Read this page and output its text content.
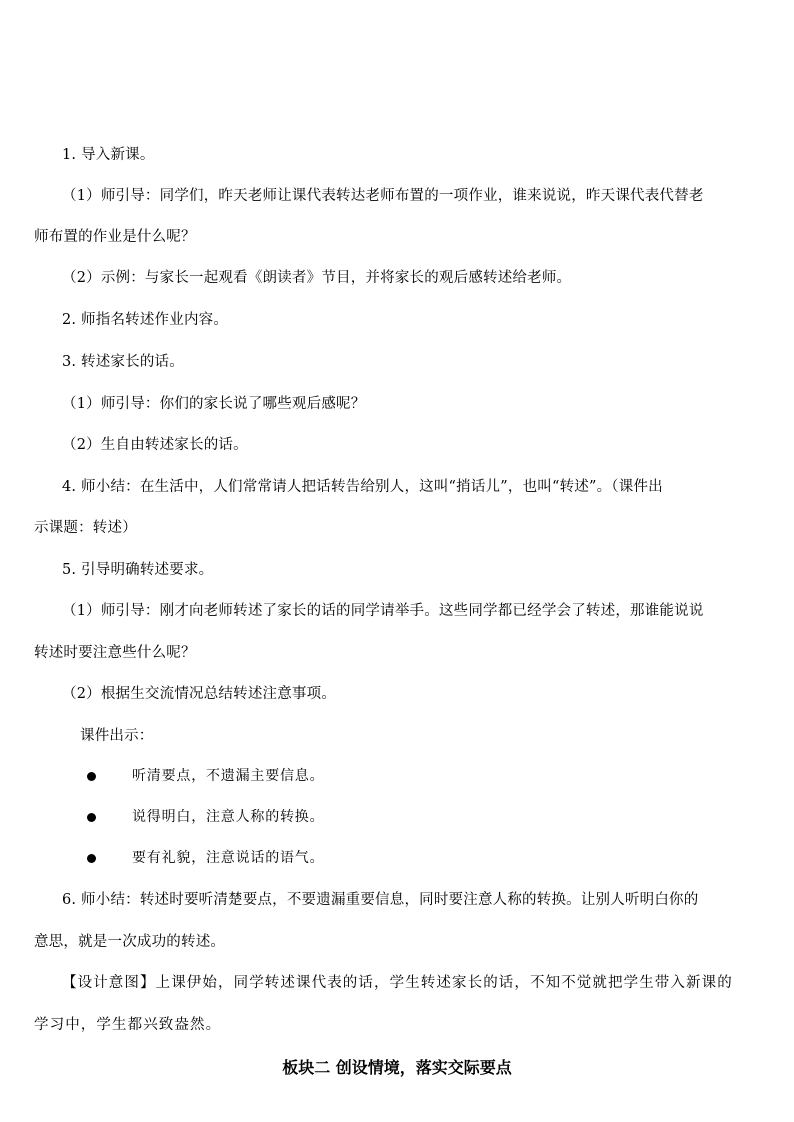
1. 导入新课。
（1）师引导：同学们，昨天老师让课代表转达老师布置的一项作业，谁来说说，昨天课代表代替老
师布置的作业是什么呢？
（2）示例：与家长一起观看《朗读者》节目，并将家长的观后感转述给老师。
2. 师指名转述作业内容。
3. 转述家长的话。
（1）师引导：你们的家长说了哪些观后感呢？
（2）生自由转述家长的话。
4. 师小结：在生活中，人们常常请人把话转告给别人，这叫“捎话儿”，也叫“转述”。（课件出
示课题：转述）
5. 引导明确转述要求。
（1）师引导：刚才向老师转述了家长的话的同学请举手。这些同学都已经学会了转述，那谁能说说
转述时要注意些什么呢？
（2）根据生交流情况总结转述注意事项。
课件出示：
听清要点，不遗漏主要信息。
说得明白，注意人称的转换。
要有礼貌，注意说话的语气。
6. 师小结：转述时要听清楚要点，不要遗漏重要信息，同时要注意人称的转换。让别人听明白你的
意思，就是一次成功的转述。
【设计意图】上课伊始，同学转述课代表的话，学生转述家长的话，不知不觉就把学生带入新课的
学习中，学生都兴致盎然。
板块二 创设情境，落实交际要点
